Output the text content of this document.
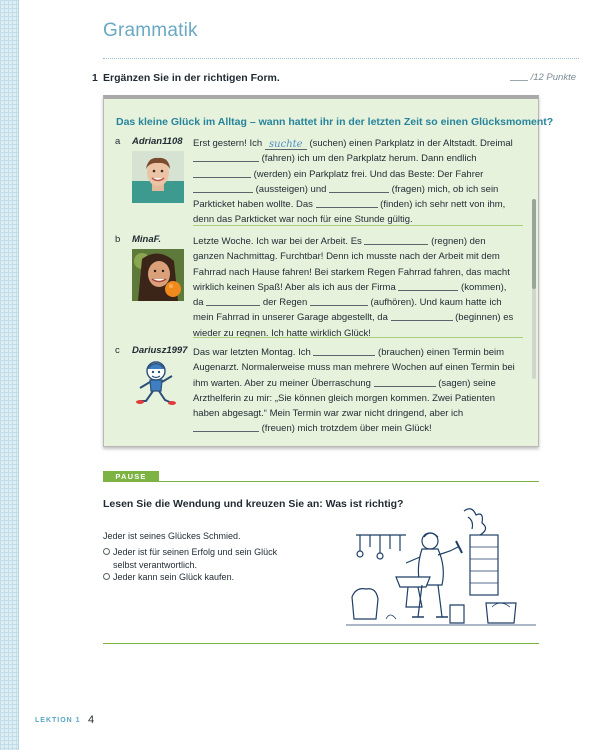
Grammatik
1 Ergänzen Sie in der richtigen Form.	/12 Punkte
Das kleine Glück im Alltag – wann hattet ihr in der letzten Zeit so einen Glücksmoment?
a Adrian1108 Erst gestern! Ich suchte (suchen) einen Parkplatz in der Altstadt. Dreimal  (fahren) ich um den Parkplatz herum. Dann endlich  (werden) ein Parkplatz frei. Und das Beste: Der Fahrer  (aussteigen) und	(fragen) mich, ob ich sein Parkticket haben wollte. Das	(finden) ich sehr nett von ihm, denn das Parkticket war noch für eine Stunde gültig.
b MinaF.	Letzte Woche. Ich war bei der Arbeit. Es	(regnen) den ganzen Nachmittag. Furchtbar! Denn ich musste nach der Arbeit mit dem Fahrrad nach Hause fahren! Bei starkem Regen Fahrrad fahren, das macht wirklich keinen Spaß! Aber als ich aus der Firma	(kommen), da	der Regen	(aufhören). Und kaum hatte ich mein Fahrrad in unserer Garage abgestellt, da	(beginnen) es wieder zu regnen. Ich hatte wirklich Glück!
c Dariusz1997 Das war letzten Montag. Ich	(brauchen) einen Termin beim Augenarzt. Normalerweise muss man mehrere Wochen auf einen Termin bei ihm warten. Aber zu meiner Überraschung	(sagen) seine Arzthelferin zu mir: „Sie können gleich morgen kommen. Zwei Patienten haben abgesagt.“ Mein Termin war zwar nicht dringend, aber ich  (freuen) mich trotzdem über mein Glück!
PAUSE
Lesen Sie die Wendung und kreuzen Sie an: Was ist richtig?
Jeder ist seines Glückes Schmied.
Jeder ist für seinen Erfolg und sein Glück selbst verantwortlich.
Jeder kann sein Glück kaufen.
LEKTION 1 4
